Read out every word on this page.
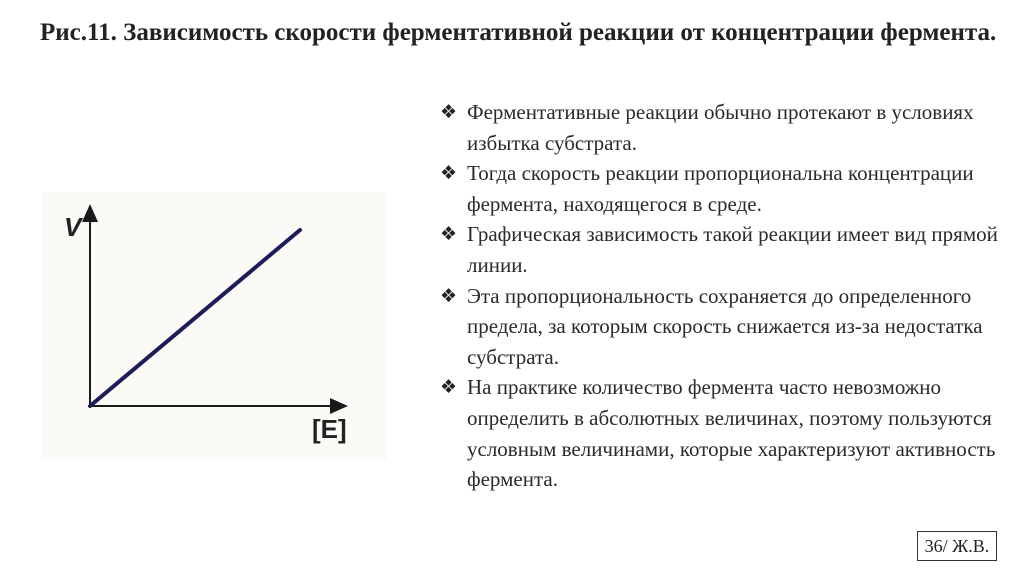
Рис.11. Зависимость скорости ферментативной реакции от концентрации фермента.
V
[E]
❖ Ферментативные реакции обычно протекают в условиях избытка субстрата.
❖ Тогда скорость реакции пропорциональна концентрации фермента, находящегося в среде.
❖ Графическая зависимость такой реакции имеет вид прямой линии.
❖ Эта пропорциональность сохраняется до определенного предела, за которым скорость снижается из-за недостатка субстрата.
❖ На практике количество фермента часто невозможно определить в абсолютных величинах, поэтому пользуются условным величинами, которые характеризуют активность фермента.
36/ Ж.В.
